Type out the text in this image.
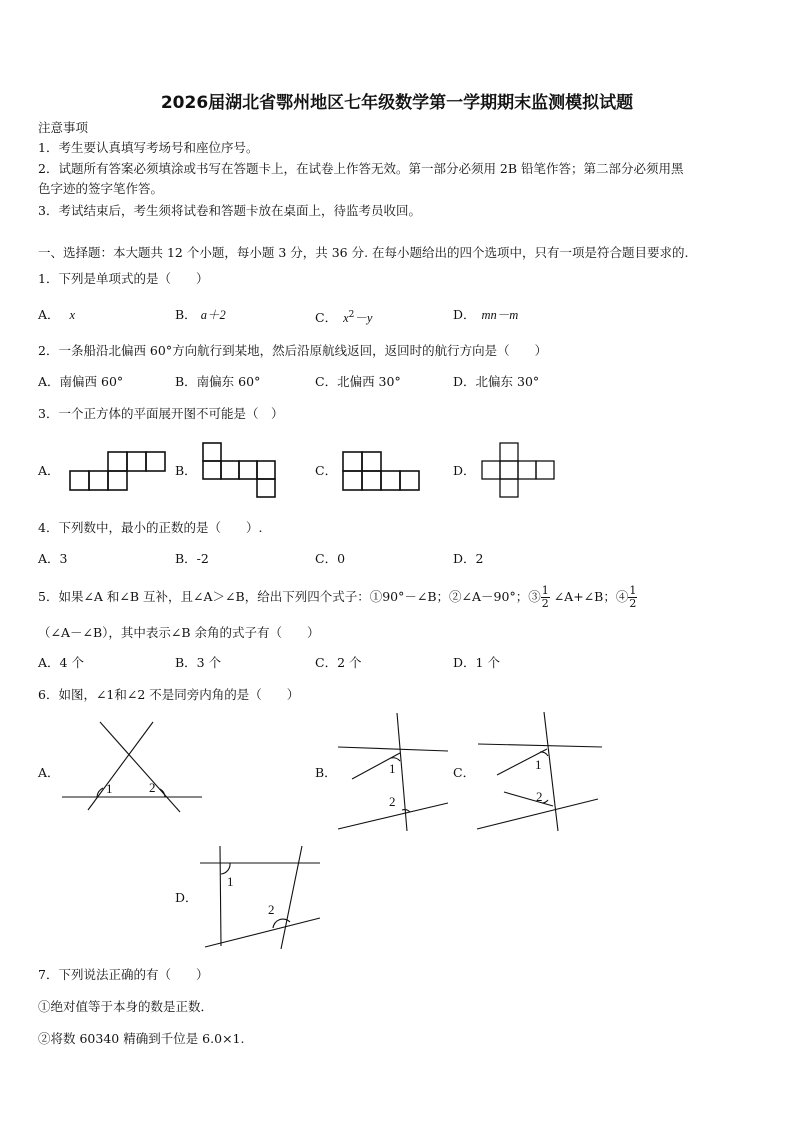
2026届湖北省鄂州地区七年级数学第一学期期末监测模拟试题
注意事项
1．考生要认真填写考场号和座位序号。
2．试题所有答案必须填涂或书写在答题卡上，在试卷上作答无效。第一部分必须用 2B 铅笔作答；第二部分必须用黑
色字迹的签字笔作答。
3．考试结束后，考生须将试卷和答题卡放在桌面上，待监考员收回。
一、选择题：本大题共 12 个小题，每小题 3 分，共 36 分. 在每小题给出的四个选项中，只有一项是符合题目要求的.
1．下列是单项式的是（　　）
A． x	B． a＋2	C． $x^2-y$	D． mn－m
2．一条船沿北偏西 60°方向航行到某地，然后沿原航线返回，返回时的航行方向是（　　）
A．南偏西 60°	B．南偏东 60°	C．北偏西 30°	D．北偏东 30°
3．一个正方体的平面展开图不可能是（　）
A．	B．	C．	D．
4．下列数中，最小的正数的是（　　）.
A．3	B．-2	C．0	D．2
5．如果∠A 和∠B 互补，且∠A＞∠B，给出下列四个式子：①90°－∠B；②∠A－90°；③ $\frac{1}{2}$ ∠A+∠B；④ $\frac{1}{2}$
（∠A－∠B），其中表示∠B 余角的式子有（　　）
A．4 个	B．3 个	C．2 个	D．1 个
6．如图，∠1和∠2 不是同旁内角的是（　　）
A．	B．	C．
D．
1	2
1
2
1
2
1
2
7．下列说法正确的有（　　）
①绝对值等于本身的数是正数．
②将数 60340 精确到千位是 6.0×1.
